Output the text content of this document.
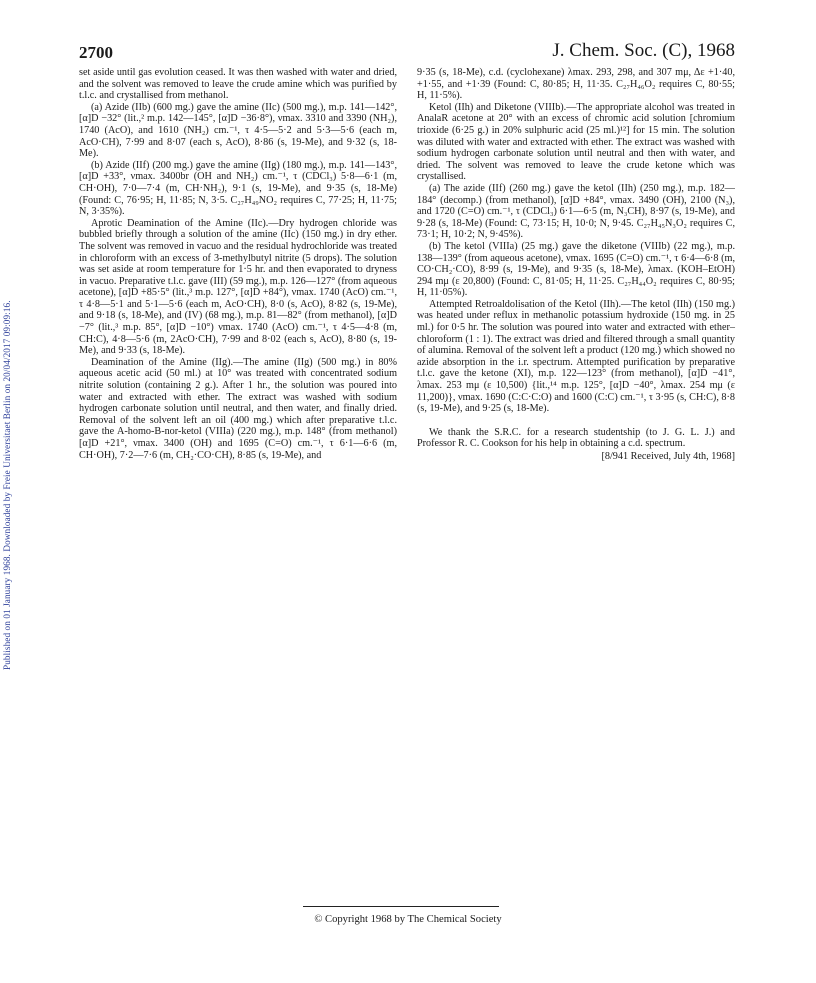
Published on 01 January 1968. Downloaded by Freie Universitaet Berlin on 20/04/2017 09:09:16.
2700	J. Chem. Soc. (C), 1968

set aside until gas evolution ceased. It was then washed with water and dried, and the solvent was removed to leave the crude amine which was purified by t.l.c. and crystallised from methanol.

(a) Azide (IIb) (600 mg.) gave the amine (IIc) (500 mg.), m.p. 141—142°, [α]D −32° (lit.,² m.p. 142—145°, [α]D −36·8°), νmax. 3310 and 3390 (NH₂), 1740 (AcO), and 1610 (NH₂) cm.⁻¹, τ 4·5—5·2 and 5·3—5·6 (each m, AcO·CH), 7·99 and 8·07 (each s, AcO), 8·86 (s, 19-Me), and 9·32 (s, 18-Me).

(b) Azide (IIf) (200 mg.) gave the amine (IIg) (180 mg.), m.p. 141—143°, [α]D +33°, νmax. 3400br (OH and NH₂) cm.⁻¹, τ (CDCl₃) 5·8—6·1 (m, CH·OH), 7·0—7·4 (m, CH·NH₂), 9·1 (s, 19-Me), and 9·35 (s, 18-Me) (Found: C, 76·95; H, 11·85; N, 3·5. C₂₇H₄₉NO₂ requires C, 77·25; H, 11·75; N, 3·35%).

Aprotic Deamination of the Amine (IIc).—Dry hydrogen chloride was bubbled briefly through a solution of the amine (IIc) (150 mg.) in dry ether. The solvent was removed in vacuo and the residual hydrochloride was treated in chloroform with an excess of 3-methylbutyl nitrite (5 drops). The solution was set aside at room temperature for 1·5 hr. and then evaporated to dryness in vacuo. Preparative t.l.c. gave (III) (59 mg.), m.p. 126—127° (from aqueous acetone), [α]D +85·5° (lit.,³ m.p. 127°, [α]D +84°), νmax. 1740 (AcO) cm.⁻¹, τ 4·8—5·1 and 5·1—5·6 (each m, AcO·CH), 8·0 (s, AcO), 8·82 (s, 19-Me), and 9·18 (s, 18-Me), and (IV) (68 mg.), m.p. 81—82° (from methanol), [α]D −7° (lit.,³ m.p. 85°, [α]D −10°) νmax. 1740 (AcO) cm.⁻¹, τ 4·5—4·8 (m, CH:C), 4·8—5·6 (m, 2AcO·CH), 7·99 and 8·02 (each s, AcO), 8·80 (s, 19-Me), and 9·33 (s, 18-Me).

Deamination of the Amine (IIg).—The amine (IIg) (500 mg.) in 80% aqueous acetic acid (50 ml.) at 10° was treated with concentrated sodium nitrite solution (containing 2 g.). After 1 hr., the solution was poured into water and extracted with ether. The extract was washed with sodium hydrogen carbonate solution until neutral, and then water, and finally dried. Removal of the solvent left an oil (400 mg.) which after preparative t.l.c. gave the A-homo-B-nor-ketol (VIIIa) (220 mg.), m.p. 148° (from methanol) [α]D +21°, νmax. 3400 (OH) and 1695 (C=O) cm.⁻¹, τ 6·1—6·6 (m, CH·OH), 7·2—7·6 (m, CH₂·CO·CH), 8·85 (s, 19-Me), and

9·35 (s, 18-Me), c.d. (cyclohexane) λmax. 293, 298, and 307 mμ, Δε +1·40, +1·55, and +1·39 (Found: C, 80·85; H, 11·35. C₂₇H₄₆O₂ requires C, 80·55; H, 11·5%).

Ketol (IIh) and Diketone (VIIIb).—The appropriate alcohol was treated in AnalaR acetone at 20° with an excess of chromic acid solution [chromium trioxide (6·25 g.) in 20% sulphuric acid (25 ml.)¹²] for 15 min. The solution was diluted with water and extracted with ether. The extract was washed with sodium hydrogen carbonate solution until neutral and then with water, and dried. The solvent was removed to leave the crude ketone which was crystallised.

(a) The azide (IIf) (260 mg.) gave the ketol (IIh) (250 mg.), m.p. 182—184° (decomp.) (from methanol), [α]D +84°, νmax. 3490 (OH), 2100 (N₃), and 1720 (C=O) cm.⁻¹, τ (CDCl₃) 6·1—6·5 (m, N₃CH), 8·97 (s, 19-Me), and 9·28 (s, 18-Me) (Found: C, 73·15; H, 10·0; N, 9·45. C₂₇H₄₅N₃O₂ requires C, 73·1; H, 10·2; N, 9·45%).

(b) The ketol (VIIIa) (25 mg.) gave the diketone (VIIIb) (22 mg.), m.p. 138—139° (from aqueous acetone), νmax. 1695 (C=O) cm.⁻¹, τ 6·4—6·8 (m, CO·CH₂·CO), 8·99 (s, 19-Me), and 9·35 (s, 18-Me), λmax. (KOH–EtOH) 294 mμ (ε 20,800) (Found: C, 81·05; H, 11·25. C₂₇H₄₄O₂ requires C, 80·95; H, 11·05%).

Attempted Retroaldolisation of the Ketol (IIh).—The ketol (IIh) (150 mg.) was heated under reflux in methanolic potassium hydroxide (150 mg. in 25 ml.) for 0·5 hr. The solution was poured into water and extracted with ether–chloroform (1 : 1). The extract was dried and filtered through a small quantity of alumina. Removal of the solvent left a product (120 mg.) which showed no azide absorption in the i.r. spectrum. Attempted purification by preparative t.l.c. gave the ketone (XI), m.p. 122—123° (from methanol), [α]D −41°, λmax. 253 mμ (ε 10,500) {lit.,¹⁴ m.p. 125°, [α]D −40°, λmax. 254 mμ (ε 11,200)}, νmax. 1690 (C:C·C:O) and 1600 (C:C) cm.⁻¹, τ 3·95 (s, CH:C), 8·8 (s, 19-Me), and 9·25 (s, 18-Me).

We thank the S.R.C. for a research studentship (to J. G. L. J.) and Professor R. C. Cookson for his help in obtaining a c.d. spectrum.

[8/941 Received, July 4th, 1968]

© Copyright 1968 by The Chemical Society
